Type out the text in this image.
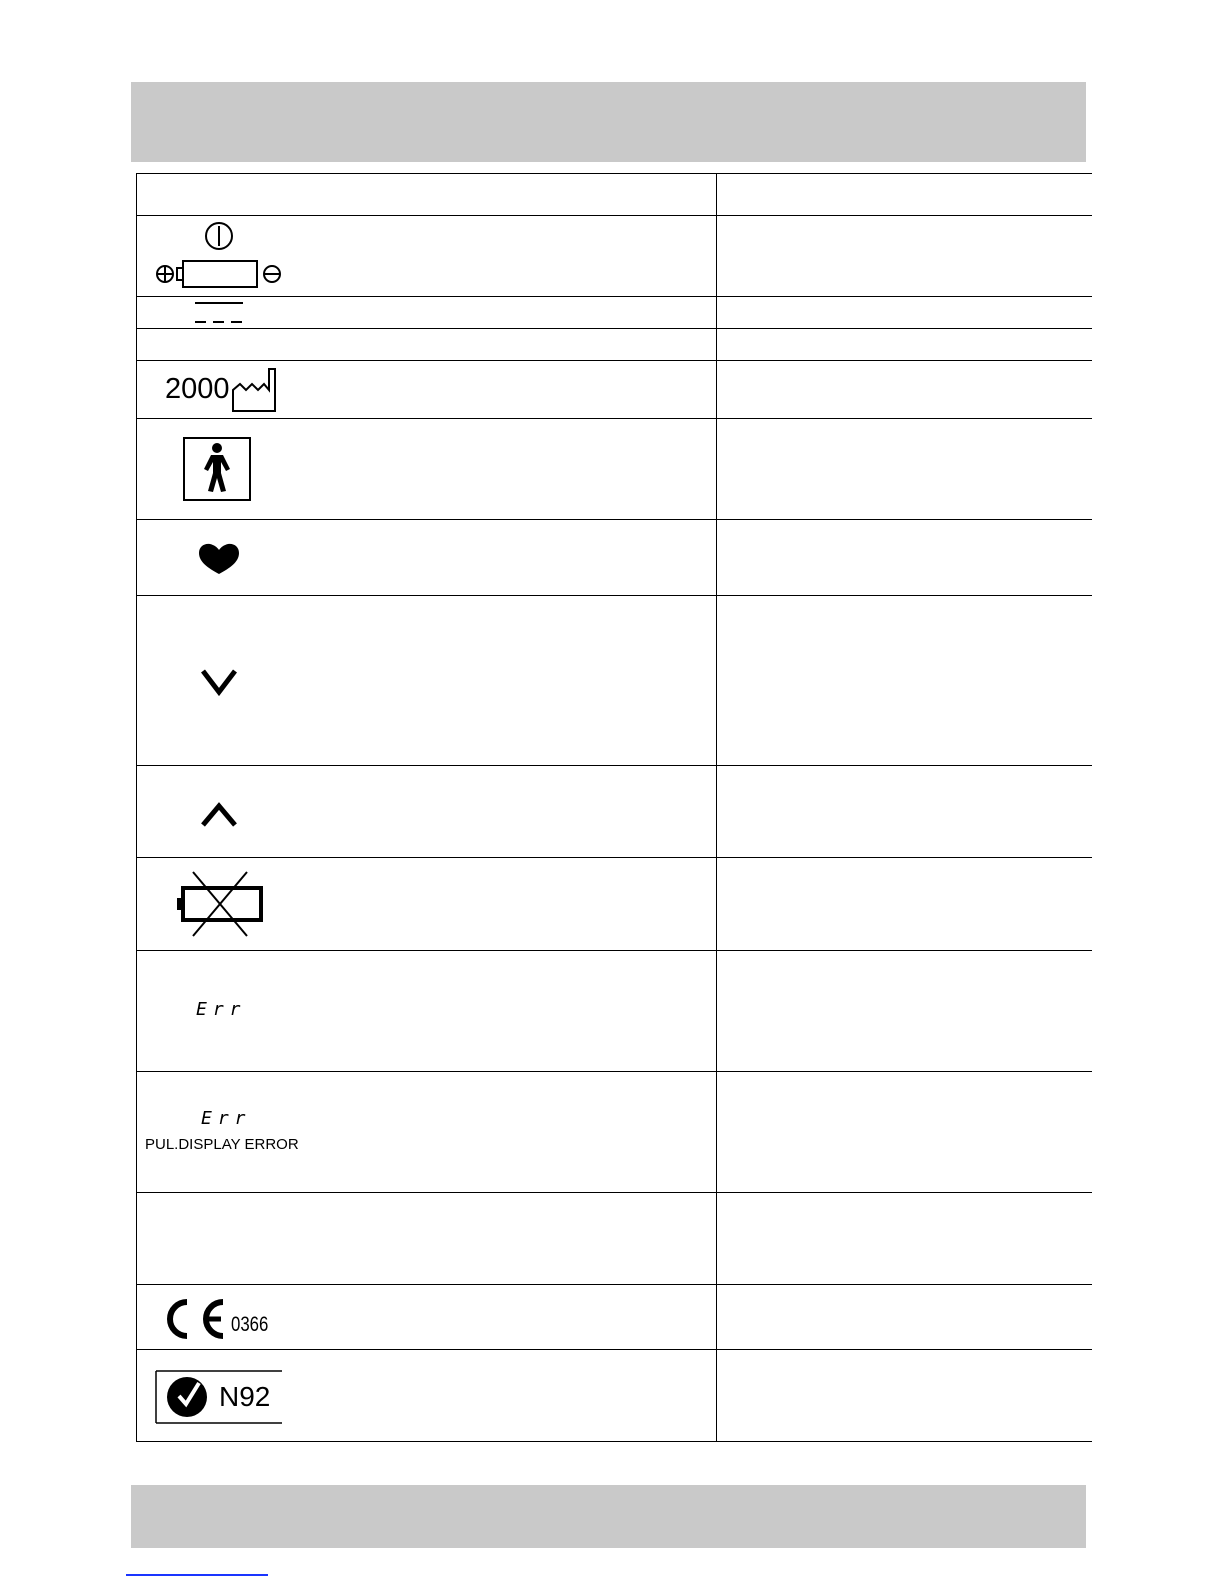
2000	

Err	

Err
PUL.DISPLAY ERROR	

0366	

N92	
